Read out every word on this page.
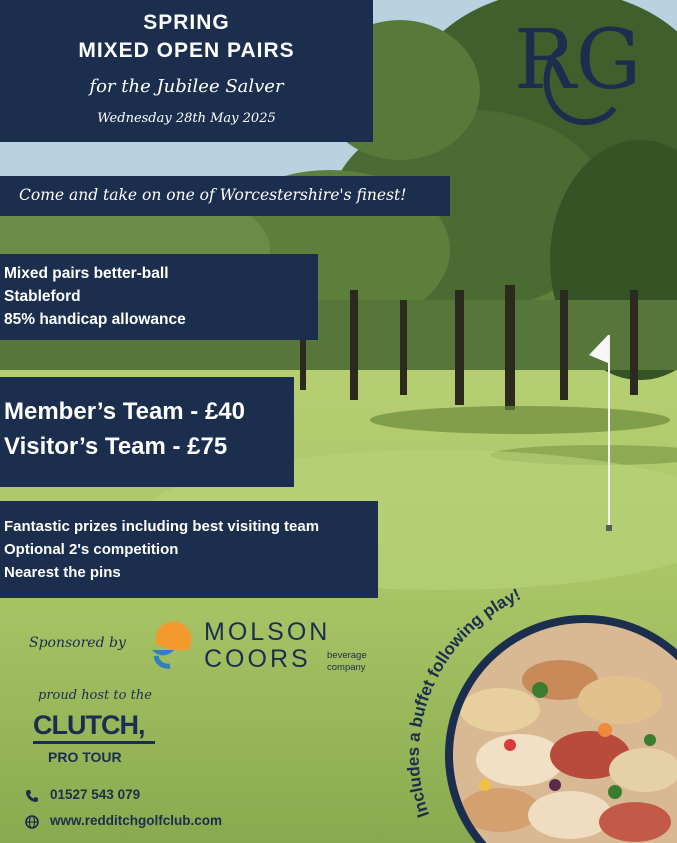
SPRING
MIXED OPEN PAIRS
for the Jubilee Salver
Wednesday 28th May 2025
RG
Come and take on one of Worcestershire's finest!
Mixed pairs better-ball
Stableford
85% handicap allowance
Member’s Team - £40
Visitor’s Team - £75
Fantastic prizes including best visiting team
Optional 2's competition
Nearest the pins
Sponsored by	MOLSON
COORS beverage
company
proud host to the
CLUTCH,
PRO TOUR
01527 543 079
www.redditchgolfclub.com	Includes a buffet following play!
